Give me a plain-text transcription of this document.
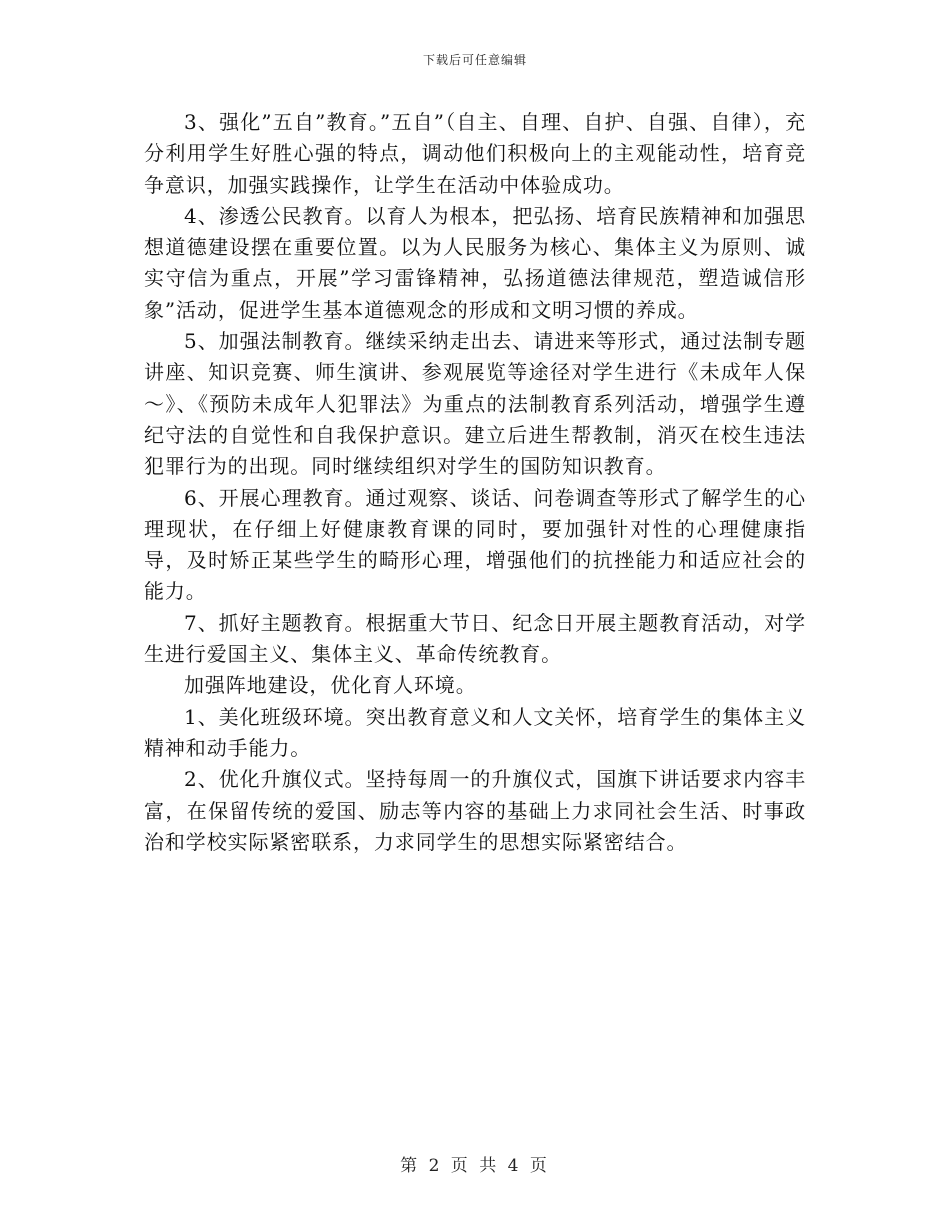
下载后可任意编辑

3、强化”五自”教育。”五自”（自主、自理、自护、自强、自律），充分利用学生好胜心强的特点，调动他们积极向上的主观能动性，培育竞争意识，加强实践操作，让学生在活动中体验成功。

4、渗透公民教育。以育人为根本，把弘扬、培育民族精神和加强思想道德建设摆在重要位置。以为人民服务为核心、集体主义为原则、诚实守信为重点，开展”学习雷锋精神，弘扬道德法律规范，塑造诚信形象”活动，促进学生基本道德观念的形成和文明习惯的养成。

5、加强法制教育。继续采纳走出去、请进来等形式，通过法制专题讲座、知识竞赛、师生演讲、参观展览等途径对学生进行《未成年人保～》、《预防未成年人犯罪法》为重点的法制教育系列活动，增强学生遵纪守法的自觉性和自我保护意识。建立后进生帮教制，消灭在校生违法犯罪行为的出现。同时继续组织对学生的国防知识教育。

6、开展心理教育。通过观察、谈话、问卷调查等形式了解学生的心理现状，在仔细上好健康教育课的同时，要加强针对性的心理健康指导，及时矫正某些学生的畸形心理，增强他们的抗挫能力和适应社会的能力。

7、抓好主题教育。根据重大节日、纪念日开展主题教育活动，对学生进行爱国主义、集体主义、革命传统教育。

加强阵地建设，优化育人环境。

1、美化班级环境。突出教育意义和人文关怀，培育学生的集体主义精神和动手能力。

2、优化升旗仪式。坚持每周一的升旗仪式，国旗下讲话要求内容丰富，在保留传统的爱国、励志等内容的基础上力求同社会生活、时事政治和学校实际紧密联系，力求同学生的思想实际紧密结合。

第 2 页 共 4 页
